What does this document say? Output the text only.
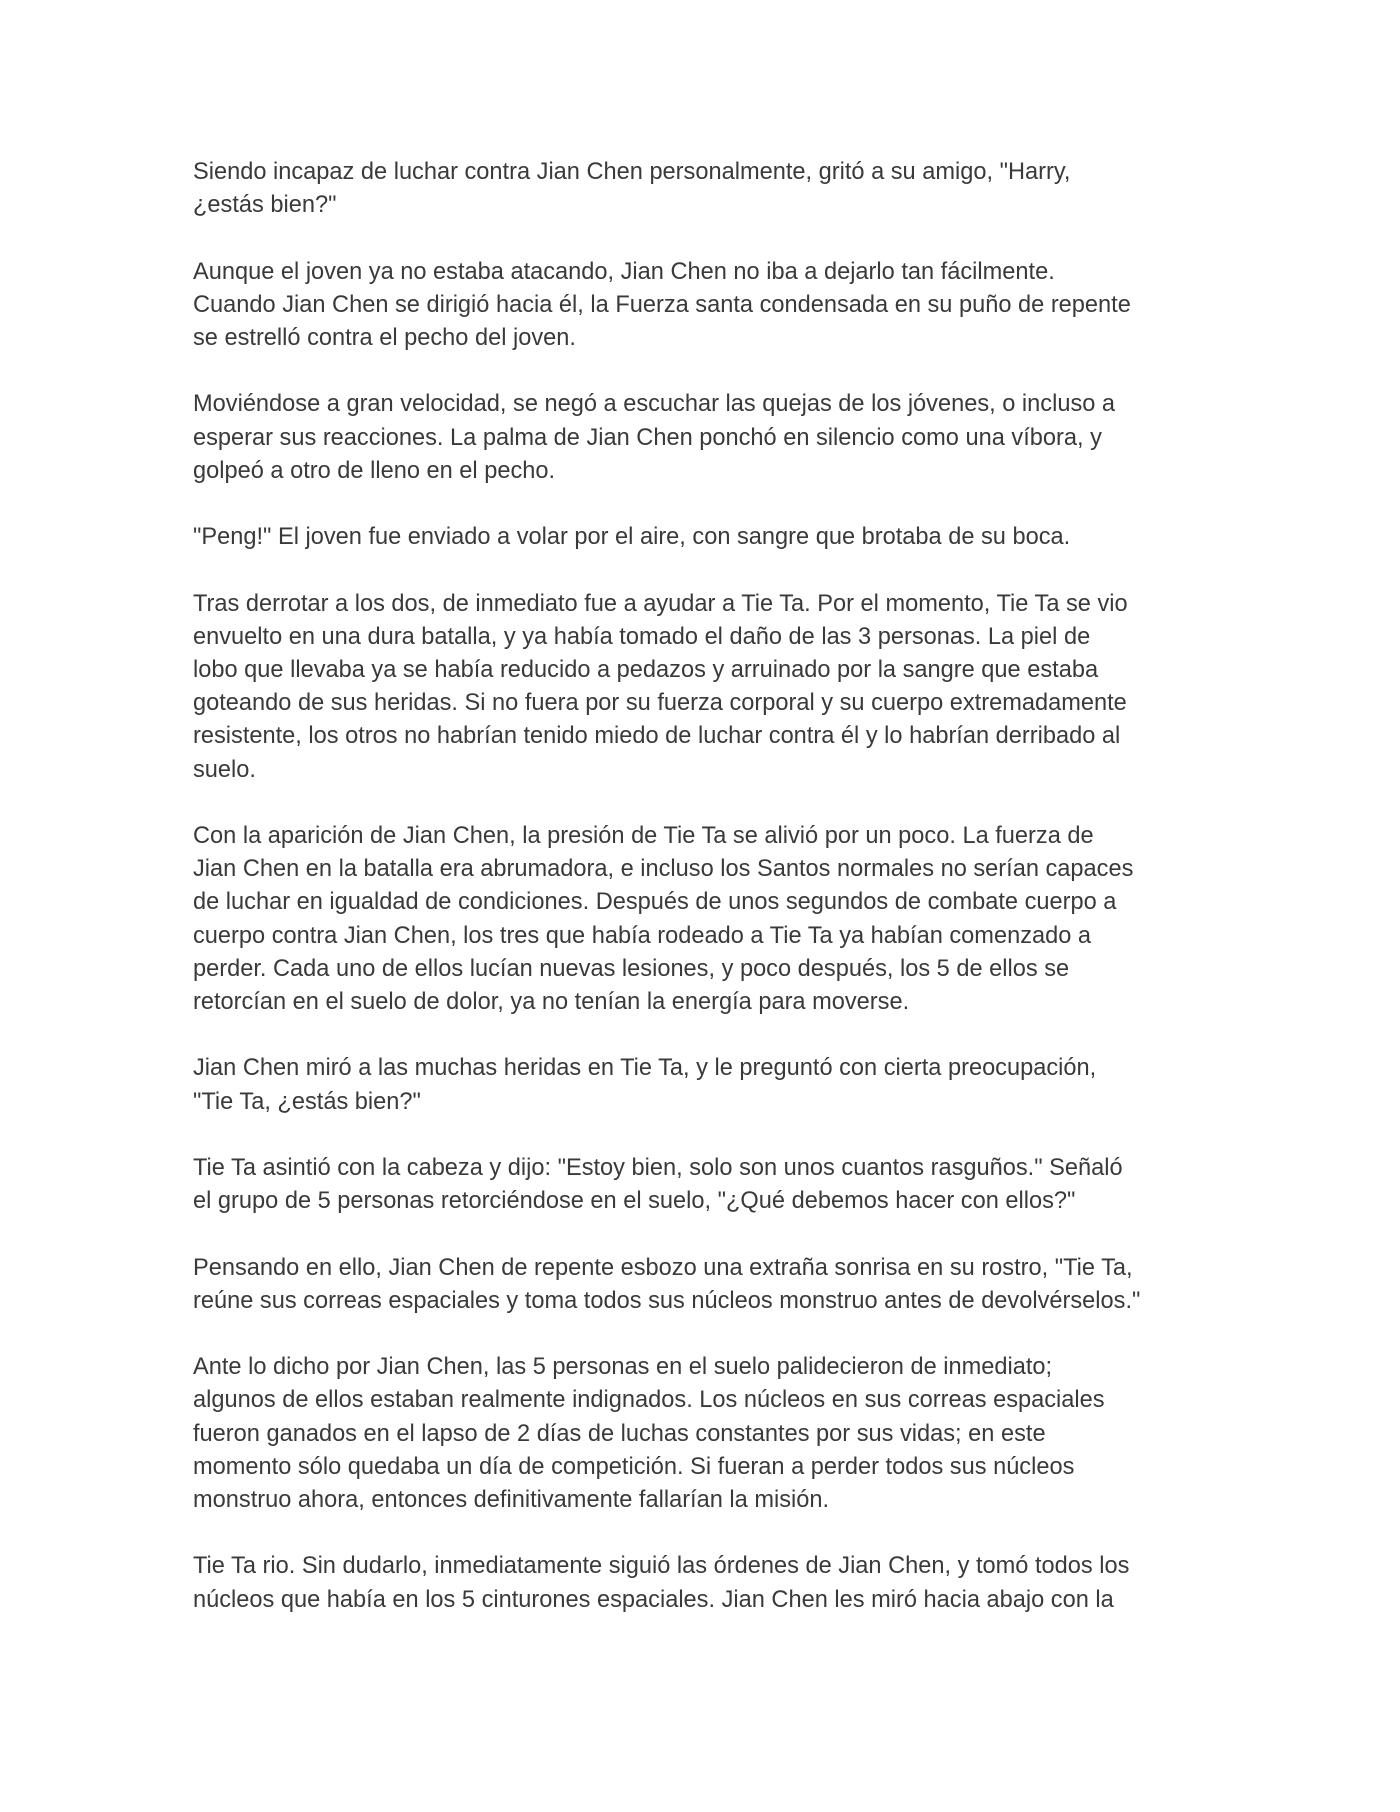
Siendo incapaz de luchar contra Jian Chen personalmente, gritó a su amigo, "Harry,
¿estás bien?"

Aunque el joven ya no estaba atacando, Jian Chen no iba a dejarlo tan fácilmente.
Cuando Jian Chen se dirigió hacia él, la Fuerza santa condensada en su puño de repente
se estrelló contra el pecho del joven.

Moviéndose a gran velocidad, se negó a escuchar las quejas de los jóvenes, o incluso a
esperar sus reacciones. La palma de Jian Chen ponchó en silencio como una víbora, y
golpeó a otro de lleno en el pecho.

"Peng!" El joven fue enviado a volar por el aire, con sangre que brotaba de su boca.

Tras derrotar a los dos, de inmediato fue a ayudar a Tie Ta. Por el momento, Tie Ta se vio
envuelto en una dura batalla, y ya había tomado el daño de las 3 personas. La piel de
lobo que llevaba ya se había reducido a pedazos y arruinado por la sangre que estaba
goteando de sus heridas. Si no fuera por su fuerza corporal y su cuerpo extremadamente
resistente, los otros no habrían tenido miedo de luchar contra él y lo habrían derribado al
suelo.

Con la aparición de Jian Chen, la presión de Tie Ta se alivió por un poco. La fuerza de
Jian Chen en la batalla era abrumadora, e incluso los Santos normales no serían capaces
de luchar en igualdad de condiciones. Después de unos segundos de combate cuerpo a
cuerpo contra Jian Chen, los tres que había rodeado a Tie Ta ya habían comenzado a
perder. Cada uno de ellos lucían nuevas lesiones, y poco después, los 5 de ellos se
retorcían en el suelo de dolor, ya no tenían la energía para moverse.

Jian Chen miró a las muchas heridas en Tie Ta, y le preguntó con cierta preocupación,
"Tie Ta, ¿estás bien?"

Tie Ta asintió con la cabeza y dijo: "Estoy bien, solo son unos cuantos rasguños." Señaló
el grupo de 5 personas retorciéndose en el suelo, "¿Qué debemos hacer con ellos?"

Pensando en ello, Jian Chen de repente esbozo una extraña sonrisa en su rostro, "Tie Ta,
reúne sus correas espaciales y toma todos sus núcleos monstruo antes de devolvérselos."

Ante lo dicho por Jian Chen, las 5 personas en el suelo palidecieron de inmediato;
algunos de ellos estaban realmente indignados. Los núcleos en sus correas espaciales
fueron ganados en el lapso de 2 días de luchas constantes por sus vidas; en este
momento sólo quedaba un día de competición. Si fueran a perder todos sus núcleos
monstruo ahora, entonces definitivamente fallarían la misión.

Tie Ta rio. Sin dudarlo, inmediatamente siguió las órdenes de Jian Chen, y tomó todos los
núcleos que había en los 5 cinturones espaciales. Jian Chen les miró hacia abajo con la
